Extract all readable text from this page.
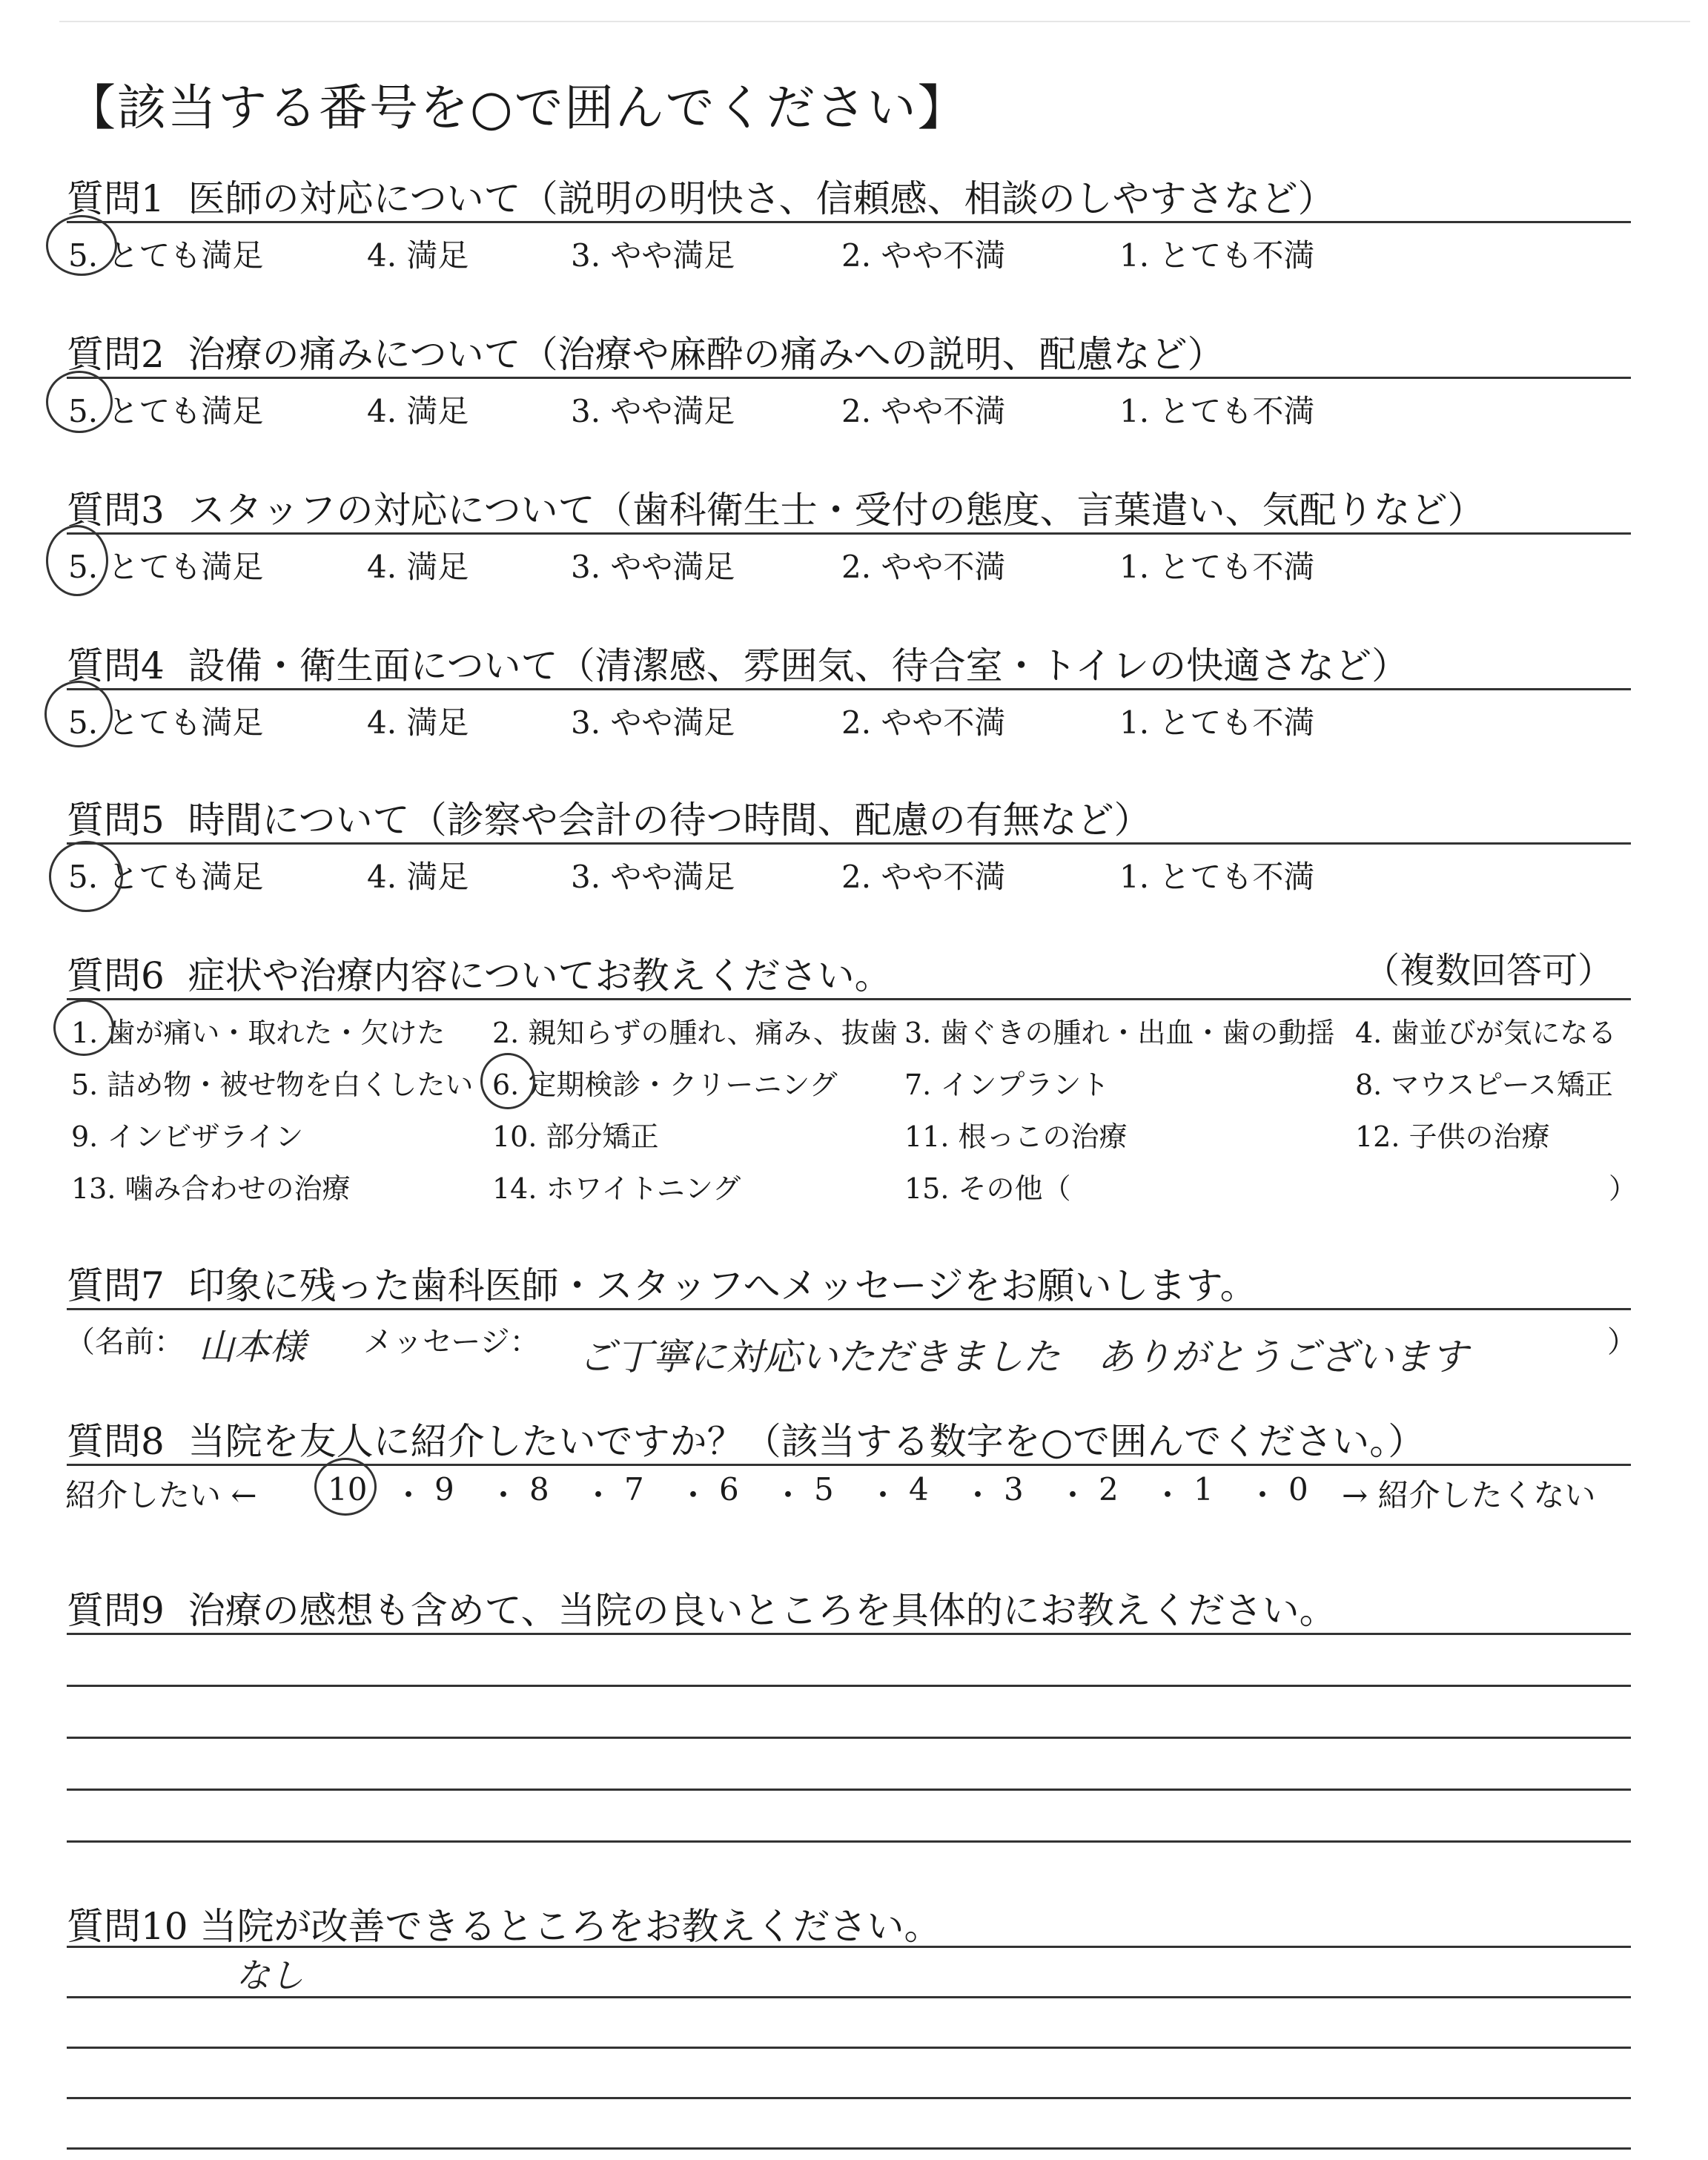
【該当する番号を○で囲んでください】
質問1 医師の対応について（説明の明快さ、信頼感、相談のしやすさなど）
5. とても満足	4. 満足	3. やや満足	2. やや不満	1. とても不満
質問2 治療の痛みについて（治療や麻酔の痛みへの説明、配慮など）
5. とても満足	4. 満足	3. やや満足	2. やや不満	1. とても不満
質問3 スタッフの対応について（歯科衛生士・受付の態度、言葉遣い、気配りなど）
5. とても満足	4. 満足	3. やや満足	2. やや不満	1. とても不満
質問4 設備・衛生面について（清潔感、雰囲気、待合室・トイレの快適さなど）
5. とても満足	4. 満足	3. やや満足	2. やや不満	1. とても不満
質問5 時間について（診察や会計の待つ時間、配慮の有無など）
5. とても満足	4. 満足	3. やや満足	2. やや不満	1. とても不満
質問6 症状や治療内容についてお教えください。	（複数回答可）
1. 歯が痛い・取れた・欠けた 2. 親知らずの腫れ、痛み、抜歯 3. 歯ぐきの腫れ・出血・歯の動揺 4. 歯並びが気になる
5. 詰め物・被せ物を白くしたい 6. 定期検診・クリーニング 7. インプラント	8. マウスピース矯正
9. インビザライン	10. 部分矯正	11. 根っこの治療	12. 子供の治療
13. 噛み合わせの治療	14. ホワイトニング	15. その他（	）
質問7 印象に残った歯科医師・スタッフへメッセージをお願いします。
（名前： 山本様 メッセージ： ご丁寧に対応いただきました　ありがとうございます	）
質問8 当院を友人に紹介したいですか？（該当する数字を○で囲んでください。）
紹介したい ← 10 ・ 9 ・ 8 ・ 7 ・ 6 ・ 5 ・ 4 ・ 3 ・ 2 ・ 1 ・ 0 → 紹介したくない
質問9 治療の感想も含めて、当院の良いところを具体的にお教えください。
質問10 当院が改善できるところをお教えください。
なし
